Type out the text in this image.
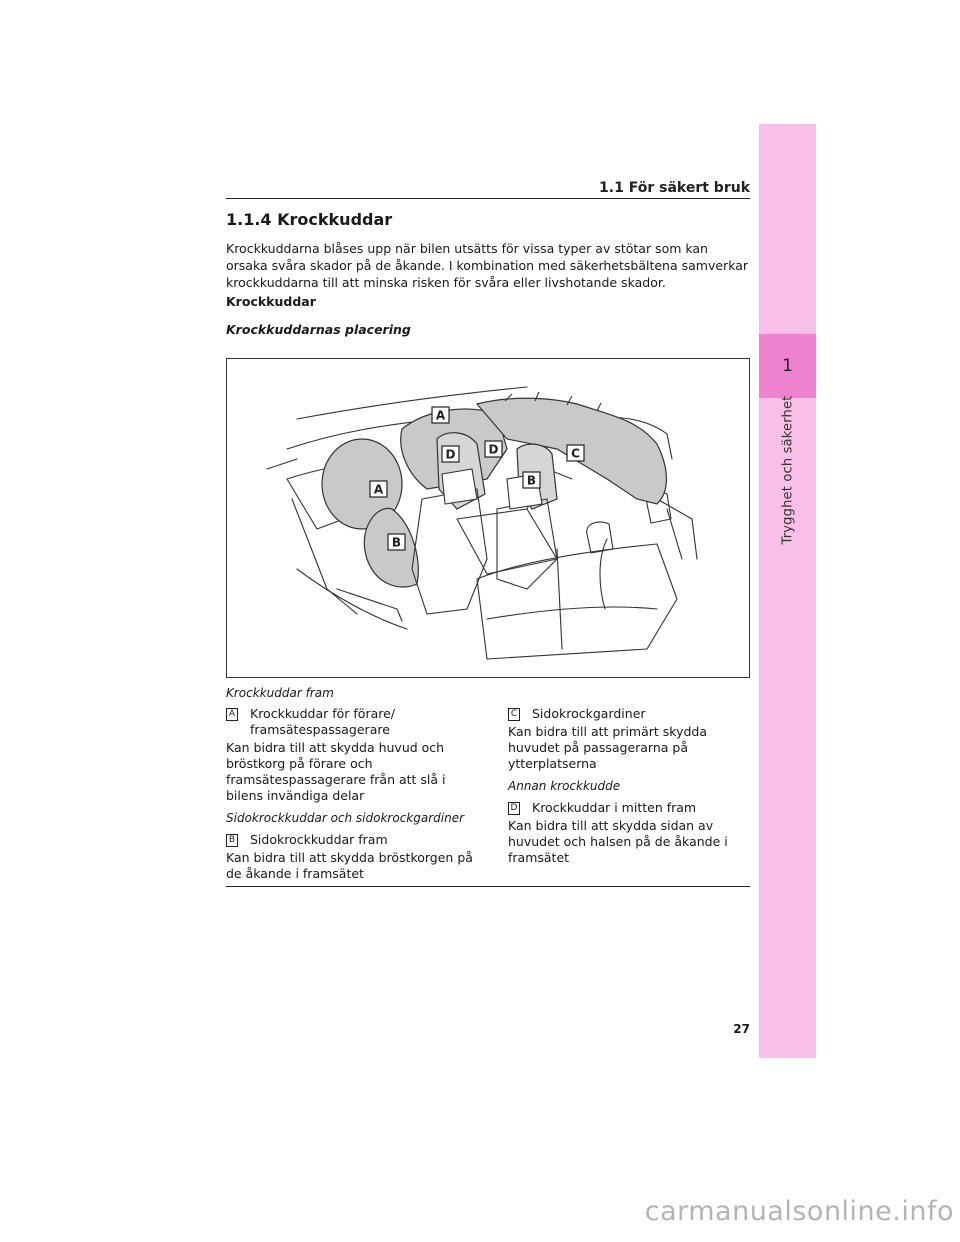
1
Trygghet och säkerhet
1.1 För säkert bruk
1.1.4 Krockkuddar

Krockkuddarna blåses upp när bilen utsätts för vissa typer av stötar som kan orsaka svåra skador på de åkande. I kombination med säkerhetsbältena samverkar krockkuddarna till att minska risken för svåra eller livshotande skador.

Krockkuddar
Krockkuddarnas placering
A
A
B
B
C
D	D
Krockkuddar fram
A Krockkuddar för förare/ framsätespassagerare

Kan bidra till att skydda huvud och bröstkorg på förare och framsätespassagerare från att slå i bilens invändiga delar

Sidokrockkuddar och sidokrockgardiner
B Sidokrockkuddar fram

Kan bidra till att skydda bröstkorgen på de åkande i framsätet

C Sidokrockgardiner

Kan bidra till att primärt skydda huvudet på passagerarna på ytterplatserna

Annan krockkudde
D Krockkuddar i mitten fram

Kan bidra till att skydda sidan av huvudet och halsen på de åkande i framsätet

27
carmanualsonline.info
